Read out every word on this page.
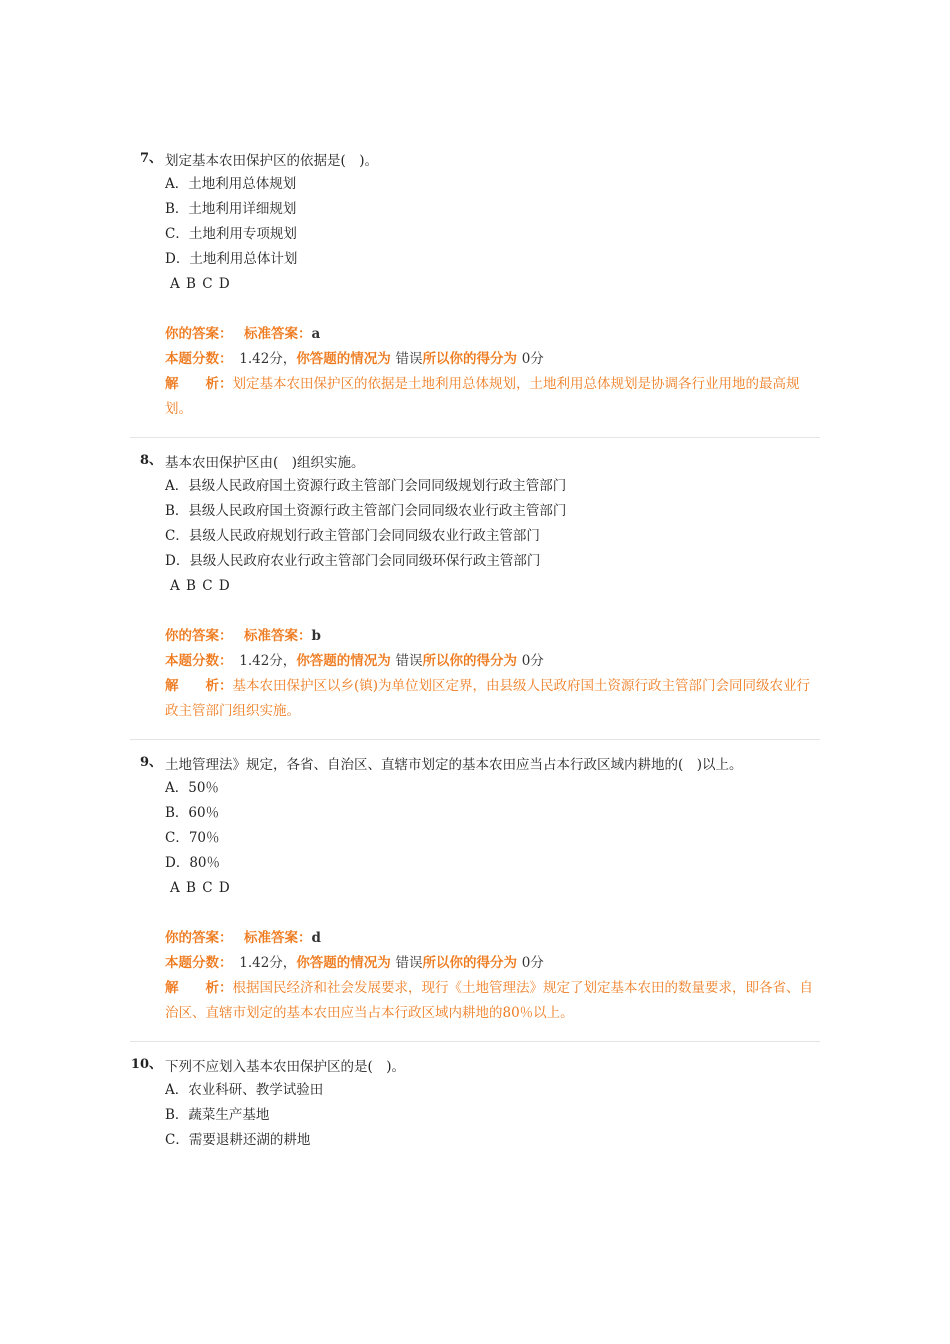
7、 划定基本农田保护区的依据是(　)。
A．土地利用总体规划
B．土地利用详细规划
C．土地利用专项规划
D．土地利用总体计划
A B C D
你的答案：　 标准答案：a
本题分数：　 1.42分，你答题的情况为 错误所以你的得分为 0分
解　　析：划定基本农田保护区的依据是土地利用总体规划，土地利用总体规划是协调各行业用地的最高规划。
8、 基本农田保护区由(　)组织实施。
A．县级人民政府国土资源行政主管部门会同同级规划行政主管部门
B．县级人民政府国土资源行政主管部门会同同级农业行政主管部门
C．县级人民政府规划行政主管部门会同同级农业行政主管部门
D．县级人民政府农业行政主管部门会同同级环保行政主管部门
A B C D
你的答案：　 标准答案：b
本题分数：　 1.42分，你答题的情况为 错误所以你的得分为 0分
解　　析：基本农田保护区以乡(镇)为单位划区定界，由县级人民政府国土资源行政主管部门会同同级农业行政主管部门组织实施。
9、 土地管理法》规定，各省、自治区、直辖市划定的基本农田应当占本行政区域内耕地的(　)以上。
A．50％
B．60％
C．70％
D．80％
A B C D
你的答案：　 标准答案：d
本题分数：　 1.42分，你答题的情况为 错误所以你的得分为 0分
解　　析：根据国民经济和社会发展要求，现行《土地管理法》规定了划定基本农田的数量要求，即各省、自治区、直辖市划定的基本农田应当占本行政区域内耕地的80％以上。
10、 下列不应划入基本农田保护区的是(　)。
A．农业科研、教学试验田
B．蔬菜生产基地
C．需要退耕还湖的耕地
